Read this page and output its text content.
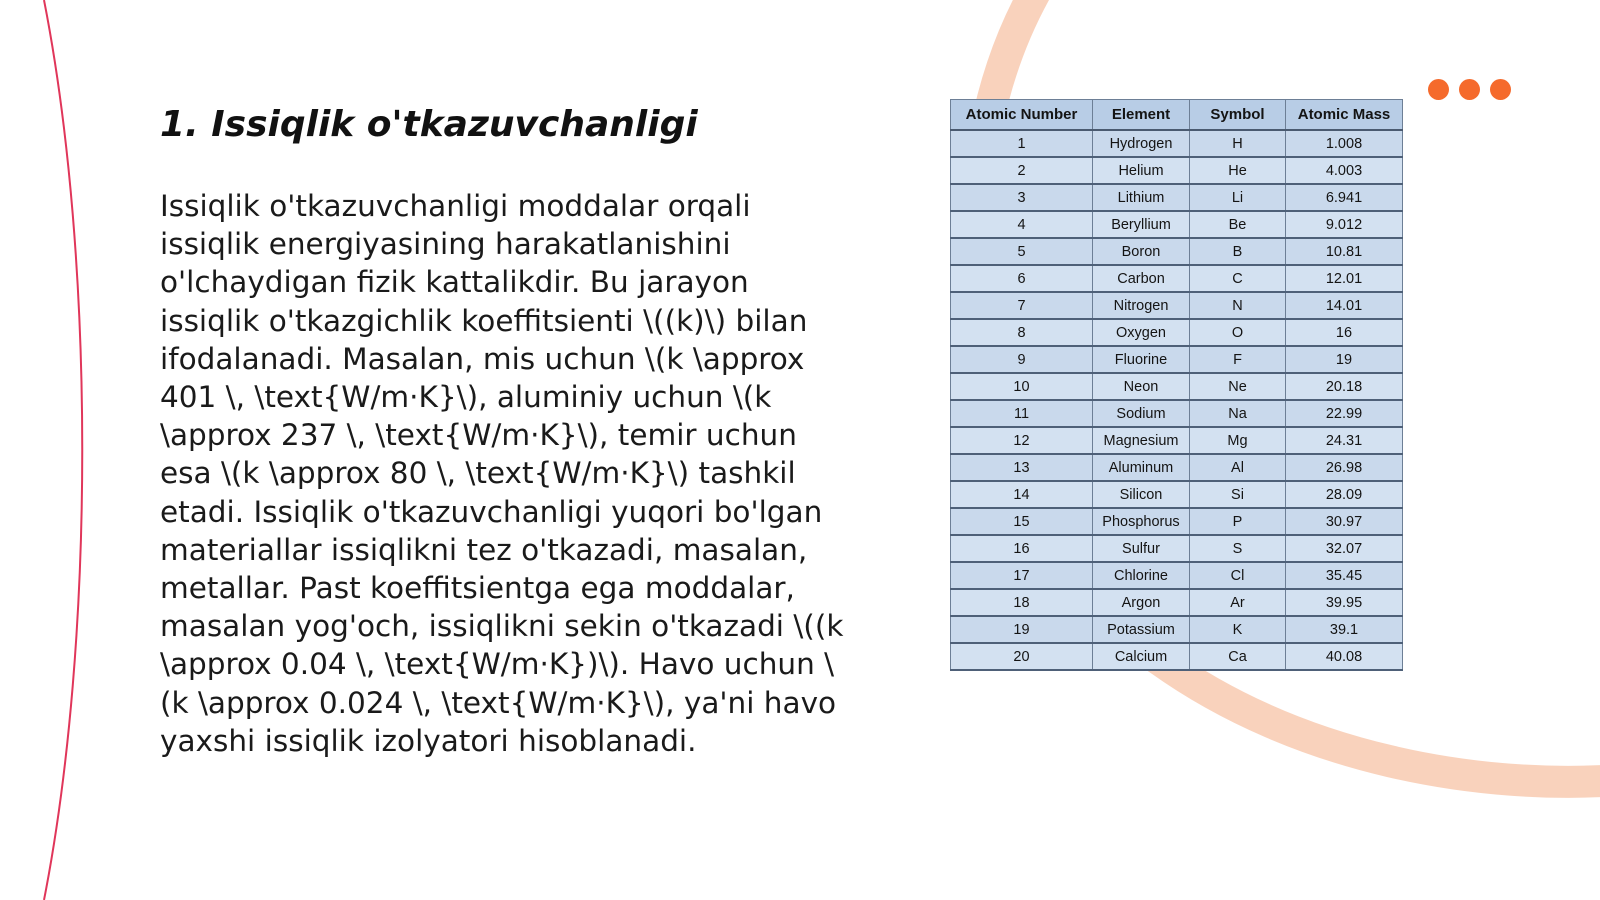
1. Issiqlik o'tkazuvchanligi

Issiqlik o'tkazuvchanligi moddalar orqali issiqlik energiyasining harakatlanishini o'lchaydigan fizik kattalikdir. Bu jarayon issiqlik o'tkazgichlik koeffitsienti \((k)\) bilan ifodalanadi. Masalan, mis uchun \(k \approx 401 \, \text{W/m·K}\), aluminiy uchun \(k \approx 237 \, \text{W/m·K}\), temir uchun esa \(k \approx 80 \, \text{W/m·K}\) tashkil etadi. Issiqlik o'tkazuvchanligi yuqori bo'lgan materiallar issiqlikni tez o'tkazadi, masalan, metallar. Past koeffitsientga ega moddalar, masalan yog'och, issiqlikni sekin o'tkazadi \((k \approx 0.04 \, \text{W/m·K})\). Havo uchun \(k \approx 0.024 \, \text{W/m·K}\), ya'ni havo yaxshi issiqlik izolyatori hisoblanadi.

Atomic Number	Element	Symbol	Atomic Mass
1	Hydrogen	H	1.008
2	Helium	He	4.003
3	Lithium	Li	6.941
4	Beryllium	Be	9.012
5	Boron	B	10.81
6	Carbon	C	12.01
7	Nitrogen	N	14.01
8	Oxygen	O	16
9	Fluorine	F	19
10	Neon	Ne	20.18
11	Sodium	Na	22.99
12	Magnesium	Mg	24.31
13	Aluminum	Al	26.98
14	Silicon	Si	28.09
15	Phosphorus	P	30.97
16	Sulfur	S	32.07
17	Chlorine	Cl	35.45
18	Argon	Ar	39.95
19	Potassium	K	39.1
20	Calcium	Ca	40.08
